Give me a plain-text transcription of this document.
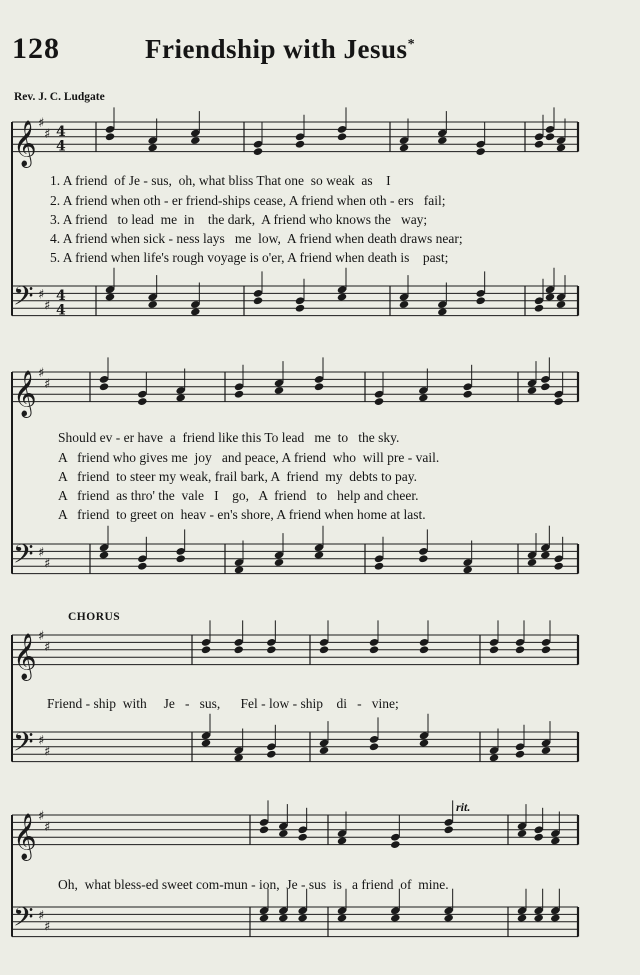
128	Friendship with Jesus*
Rev. J. C. Ludgate
1. A friend  of Je - sus,  oh, what bliss That one  so weak  as    I
2. A friend when oth - er friend-ships cease, A friend when oth - ers   fail;
3. A friend   to lead  me  in    the dark,  A friend who knows the   way;
4. A friend when sick - ness lays   me  low,  A friend when death draws near;
5. A friend when life's rough voyage is o'er, A friend when death is    past;
Should ev - er have  a  friend like this To lead   me  to   the sky.
A   friend who gives me  joy   and peace, A friend  who  will pre - vail.
A   friend  to steer my weak, frail bark, A  friend  my  debts to pay.
A   friend  as thro' the  vale   I    go,   A  friend   to   help and cheer.
A   friend  to greet on  heav - en's shore, A friend when home at last.
CHORUS
Friend - ship  with     Je   -   sus,      Fel - low - ship    di   -   vine;
rit.
Oh,  what bless-ed sweet com-mun - ion,  Je - sus  is   a friend  of  mine.
𝄞 ♯
♯ 4
4
𝄢 ♯
♯
4
4
𝄞 ♯
♯
𝄢 ♯
♯
𝄞 ♯
♯
𝄢 ♯
♯
𝄞 ♯
♯
𝄢 ♯
♯
